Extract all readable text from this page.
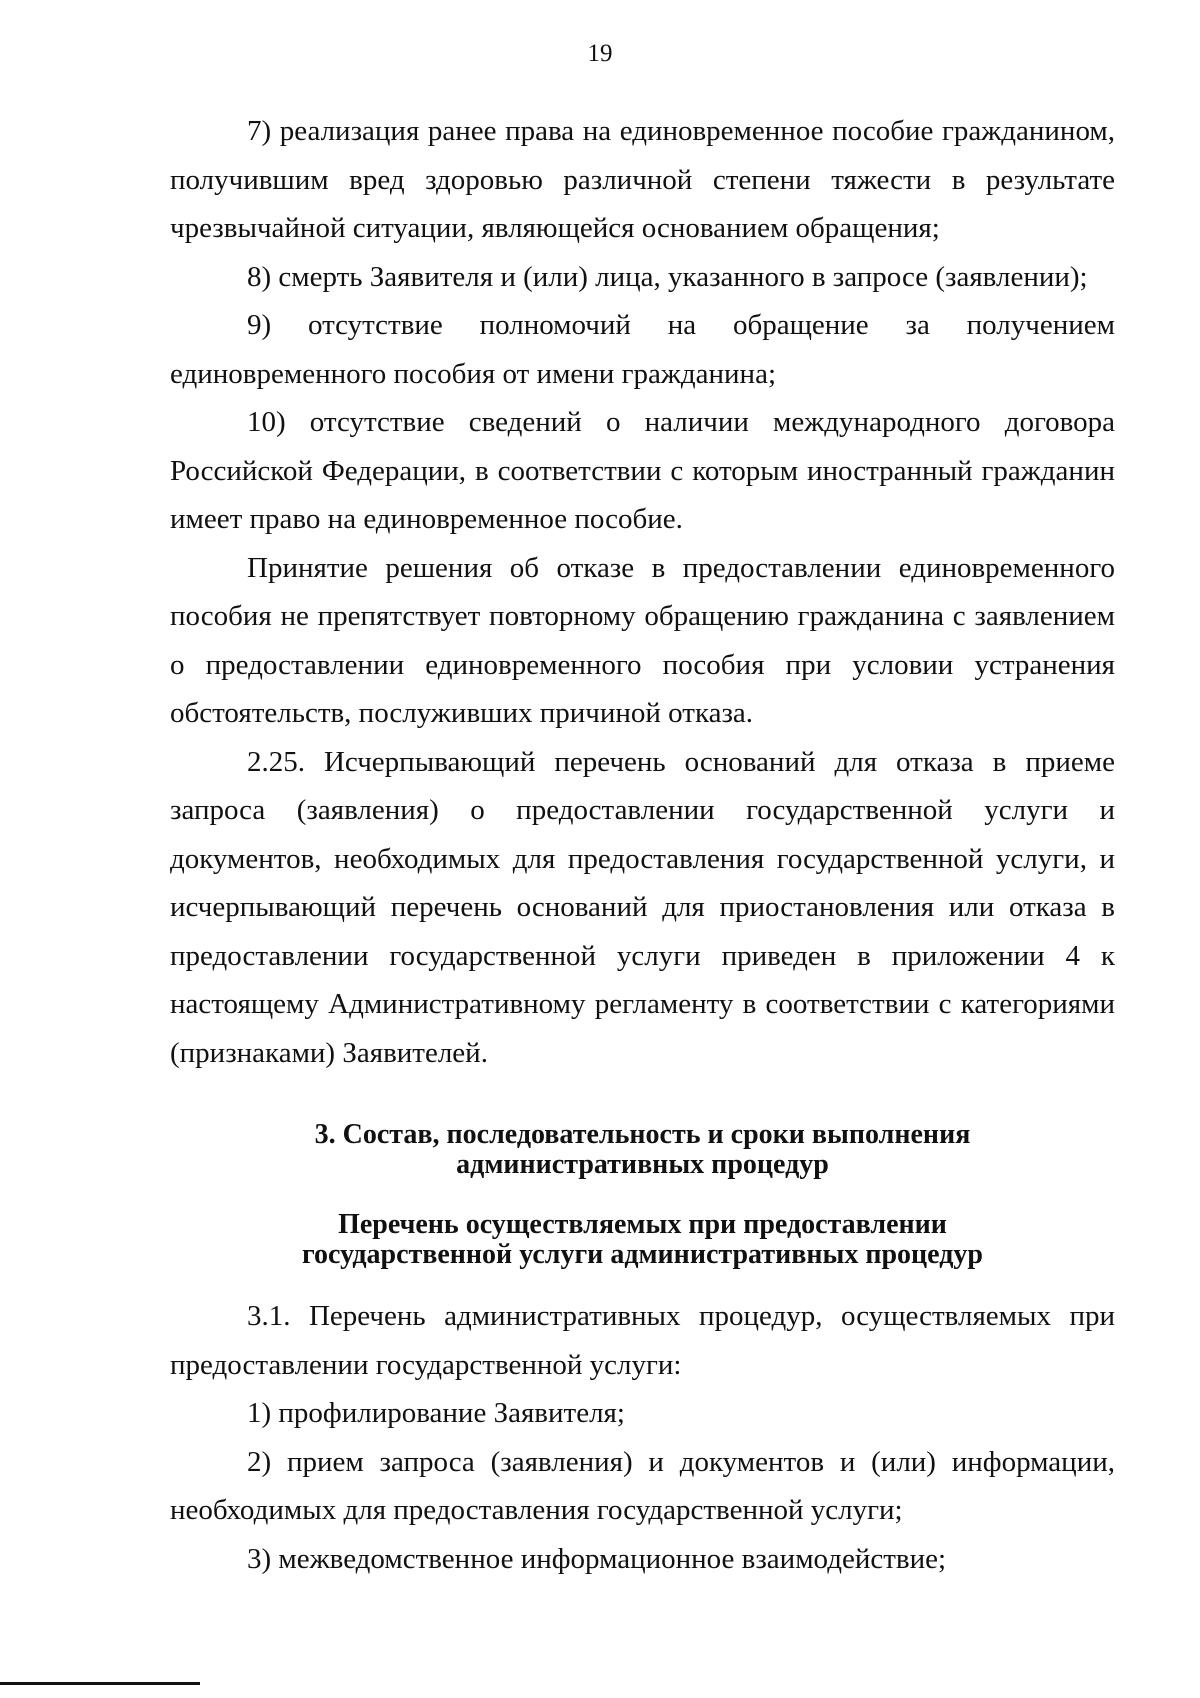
19

7) реализация ранее права на единовременное пособие гражданином, получившим вред здоровью различной степени тяжести в результате чрезвычайной ситуации, являющейся основанием обращения;

8) смерть Заявителя и (или) лица, указанного в запросе (заявлении);

9) отсутствие полномочий на обращение за получением единовременного пособия от имени гражданина;

10) отсутствие сведений о наличии международного договора Российской Федерации, в соответствии с которым иностранный гражданин имеет право на единовременное пособие.

Принятие решения об отказе в предоставлении единовременного пособия не препятствует повторному обращению гражданина с заявлением о предоставлении единовременного пособия при условии устранения обстоятельств, послуживших причиной отказа.

2.25. Исчерпывающий перечень оснований для отказа в приеме запроса (заявления) о предоставлении государственной услуги и документов, необходимых для предоставления государственной услуги, и исчерпывающий перечень оснований для приостановления или отказа в предоставлении государственной услуги приведен в приложении 4 к настоящему Административному регламенту в соответствии с категориями (признаками) Заявителей.

3. Состав, последовательность и сроки выполнения

административных процедур

Перечень осуществляемых при предоставлении

государственной услуги административных процедур

3.1. Перечень административных процедур, осуществляемых при предоставлении государственной услуги:

1) профилирование Заявителя;

2) прием запроса (заявления) и документов и (или) информации, необходимых для предоставления государственной услуги;

3) межведомственное информационное взаимодействие;
